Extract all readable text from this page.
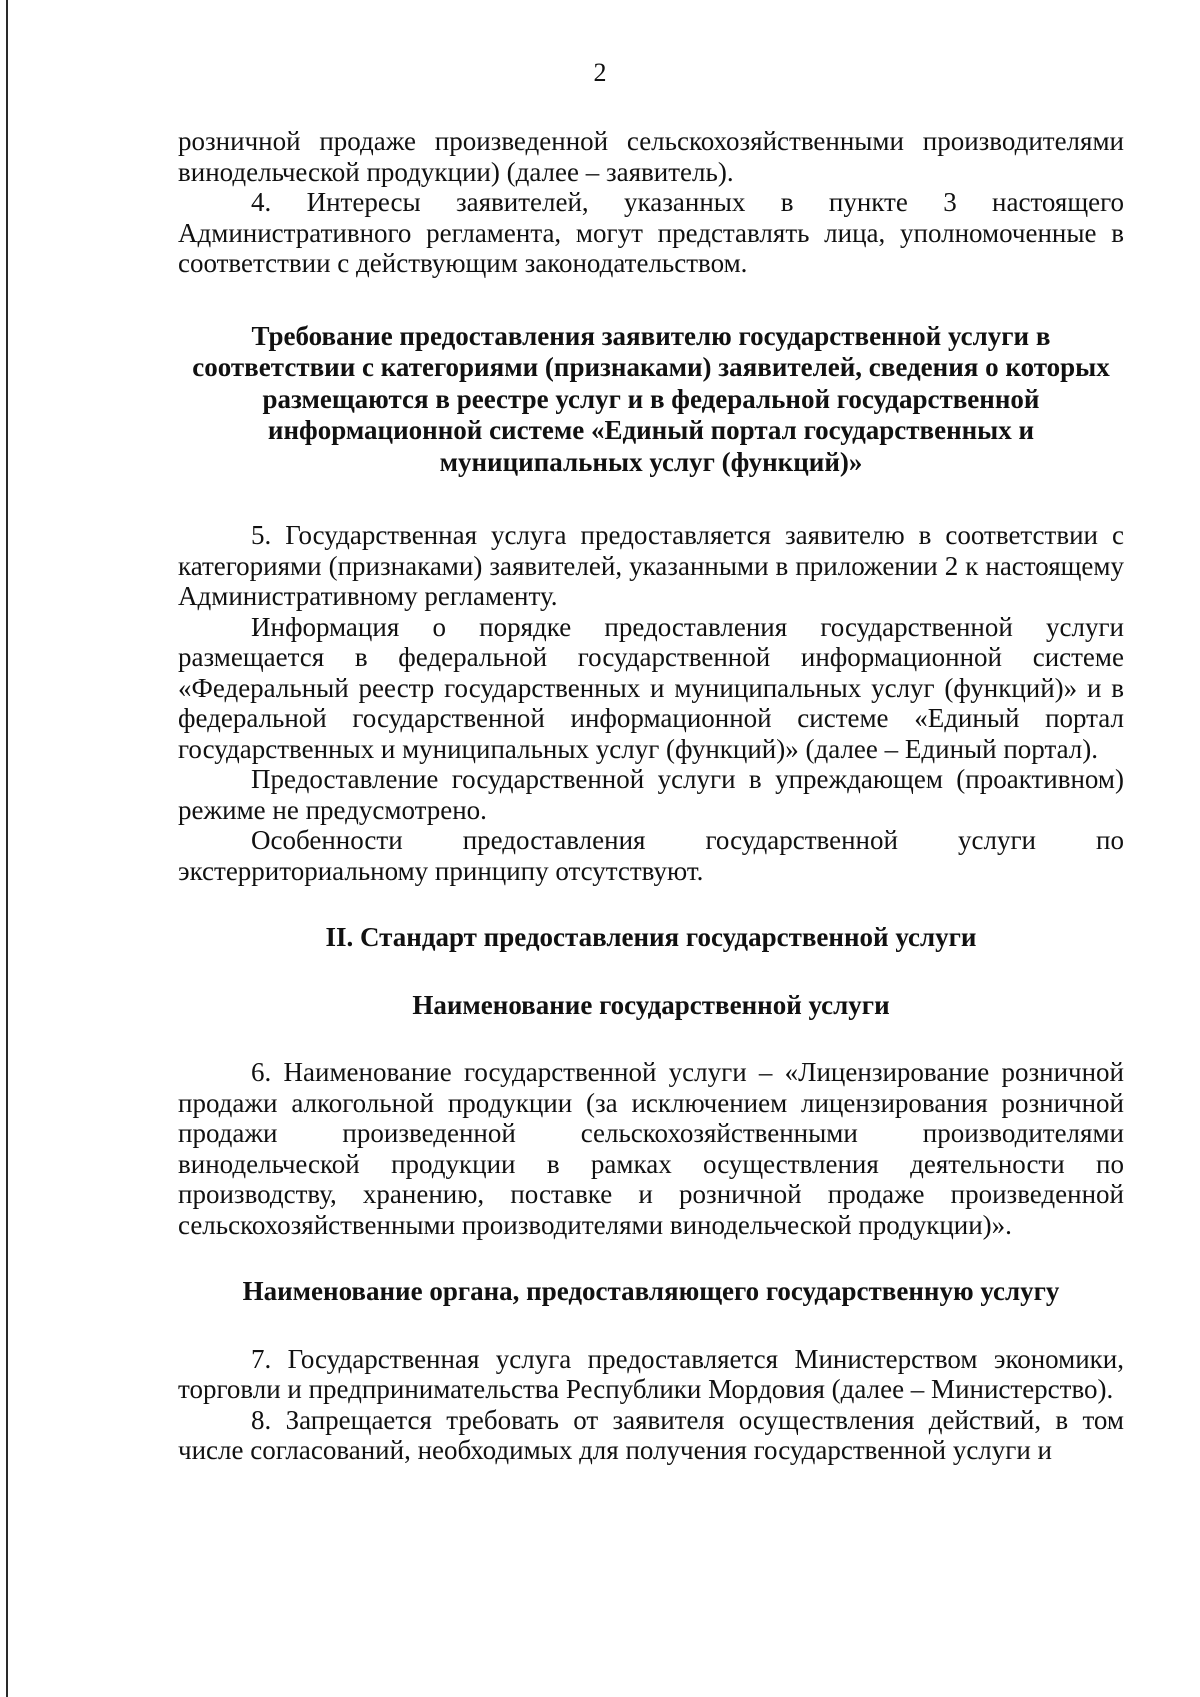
2

розничной продаже произведенной сельскохозяйственными производителями винодельческой продукции) (далее – заявитель).

4. Интересы заявителей, указанных в пункте 3 настоящего Административного регламента, могут представлять лица, уполномоченные в соответствии с действующим законодательством.

Требование предоставления заявителю государственной услуги в соответствии с категориями (признаками) заявителей, сведения о которых размещаются в реестре услуг и в федеральной государственной информационной системе «Единый портал государственных и муниципальных услуг (функций)»

5. Государственная услуга предоставляется заявителю в соответствии с категориями (признаками) заявителей, указанными в приложении 2 к настоящему Административному регламенту.

Информация о порядке предоставления государственной услуги размещается в федеральной государственной информационной системе «Федеральный реестр государственных и муниципальных услуг (функций)» и в федеральной государственной информационной системе «Единый портал государственных и муниципальных услуг (функций)» (далее – Единый портал).

Предоставление государственной услуги в упреждающем (проактивном) режиме не предусмотрено.

Особенности предоставления государственной услуги по экстерриториальному принципу отсутствуют.

II. Стандарт предоставления государственной услуги

Наименование государственной услуги

6. Наименование государственной услуги – «Лицензирование розничной продажи алкогольной продукции (за исключением лицензирования розничной продажи произведенной сельскохозяйственными производителями винодельческой продукции в рамках осуществления деятельности по производству, хранению, поставке и розничной продаже произведенной сельскохозяйственными производителями винодельческой продукции)».

Наименование органа, предоставляющего государственную услугу

7. Государственная услуга предоставляется Министерством экономики, торговли и предпринимательства Республики Мордовия (далее – Министерство).

8. Запрещается требовать от заявителя осуществления действий, в том числе согласований, необходимых для получения государственной услуги и
